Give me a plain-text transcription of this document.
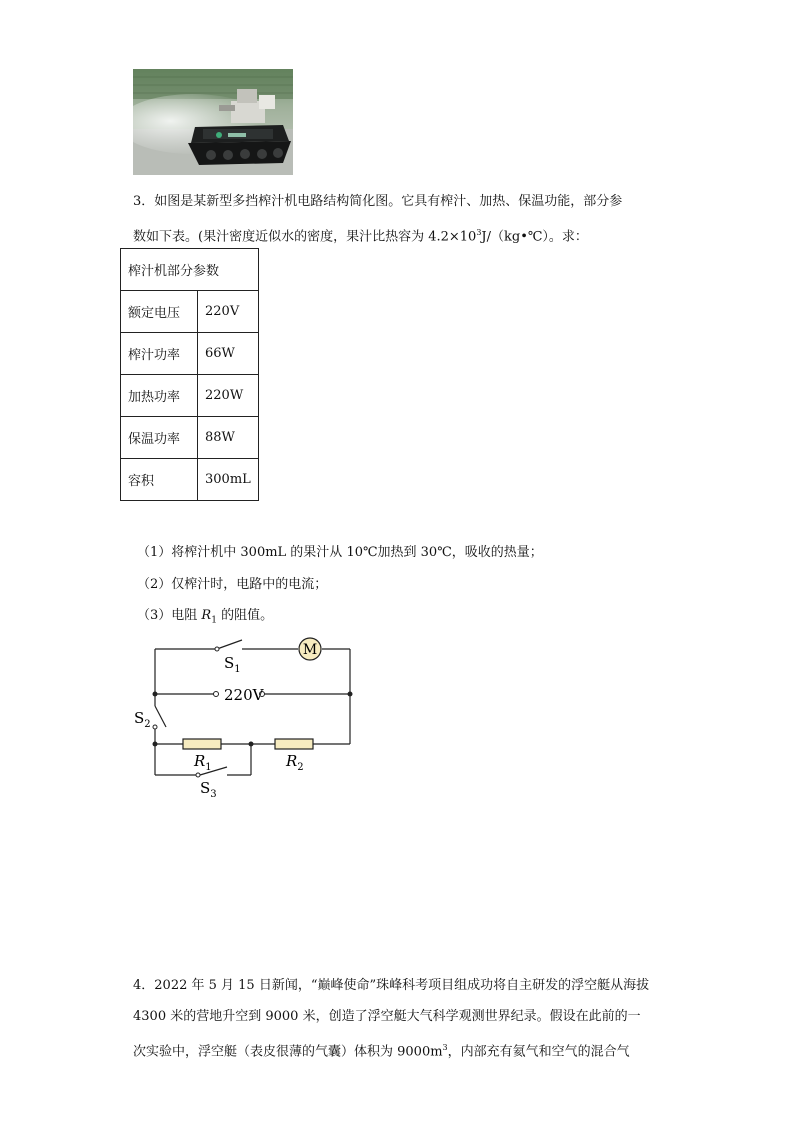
3．如图是某新型多挡榨汁机电路结构简化图。它具有榨汁、加热、保温功能，部分参
数如下表。(果汁密度近似水的密度，果汁比热容为 $4.2\times 10^3J/(kg•℃)$。求：
榨汁机部分参数	
额定电压	220V
榨汁功率	66W
加热功率	220W
保温功率	88W
容积	300mL
（1）将榨汁机中 300mL 的果汁从 10℃加热到 30℃，吸收的热量；
（2）仅榨汁时，电路中的电流；
（3）电阻 $R_1$ 的阻值。
M
$S_1$
220V
$S_2$
$R_1$	$R_2$
$S_3$
4．2022 年 5 月 15 日新闻，“巅峰使命”珠峰科考项目组成功将自主研发的浮空艇从海拔
4300 米的营地升空到 9000 米，创造了浮空艇大气科学观测世界纪录。假设在此前的一
次实验中，浮空艇（表皮很薄的气囊）体积为 $9000m^3$，内部充有氦气和空气的混合气
